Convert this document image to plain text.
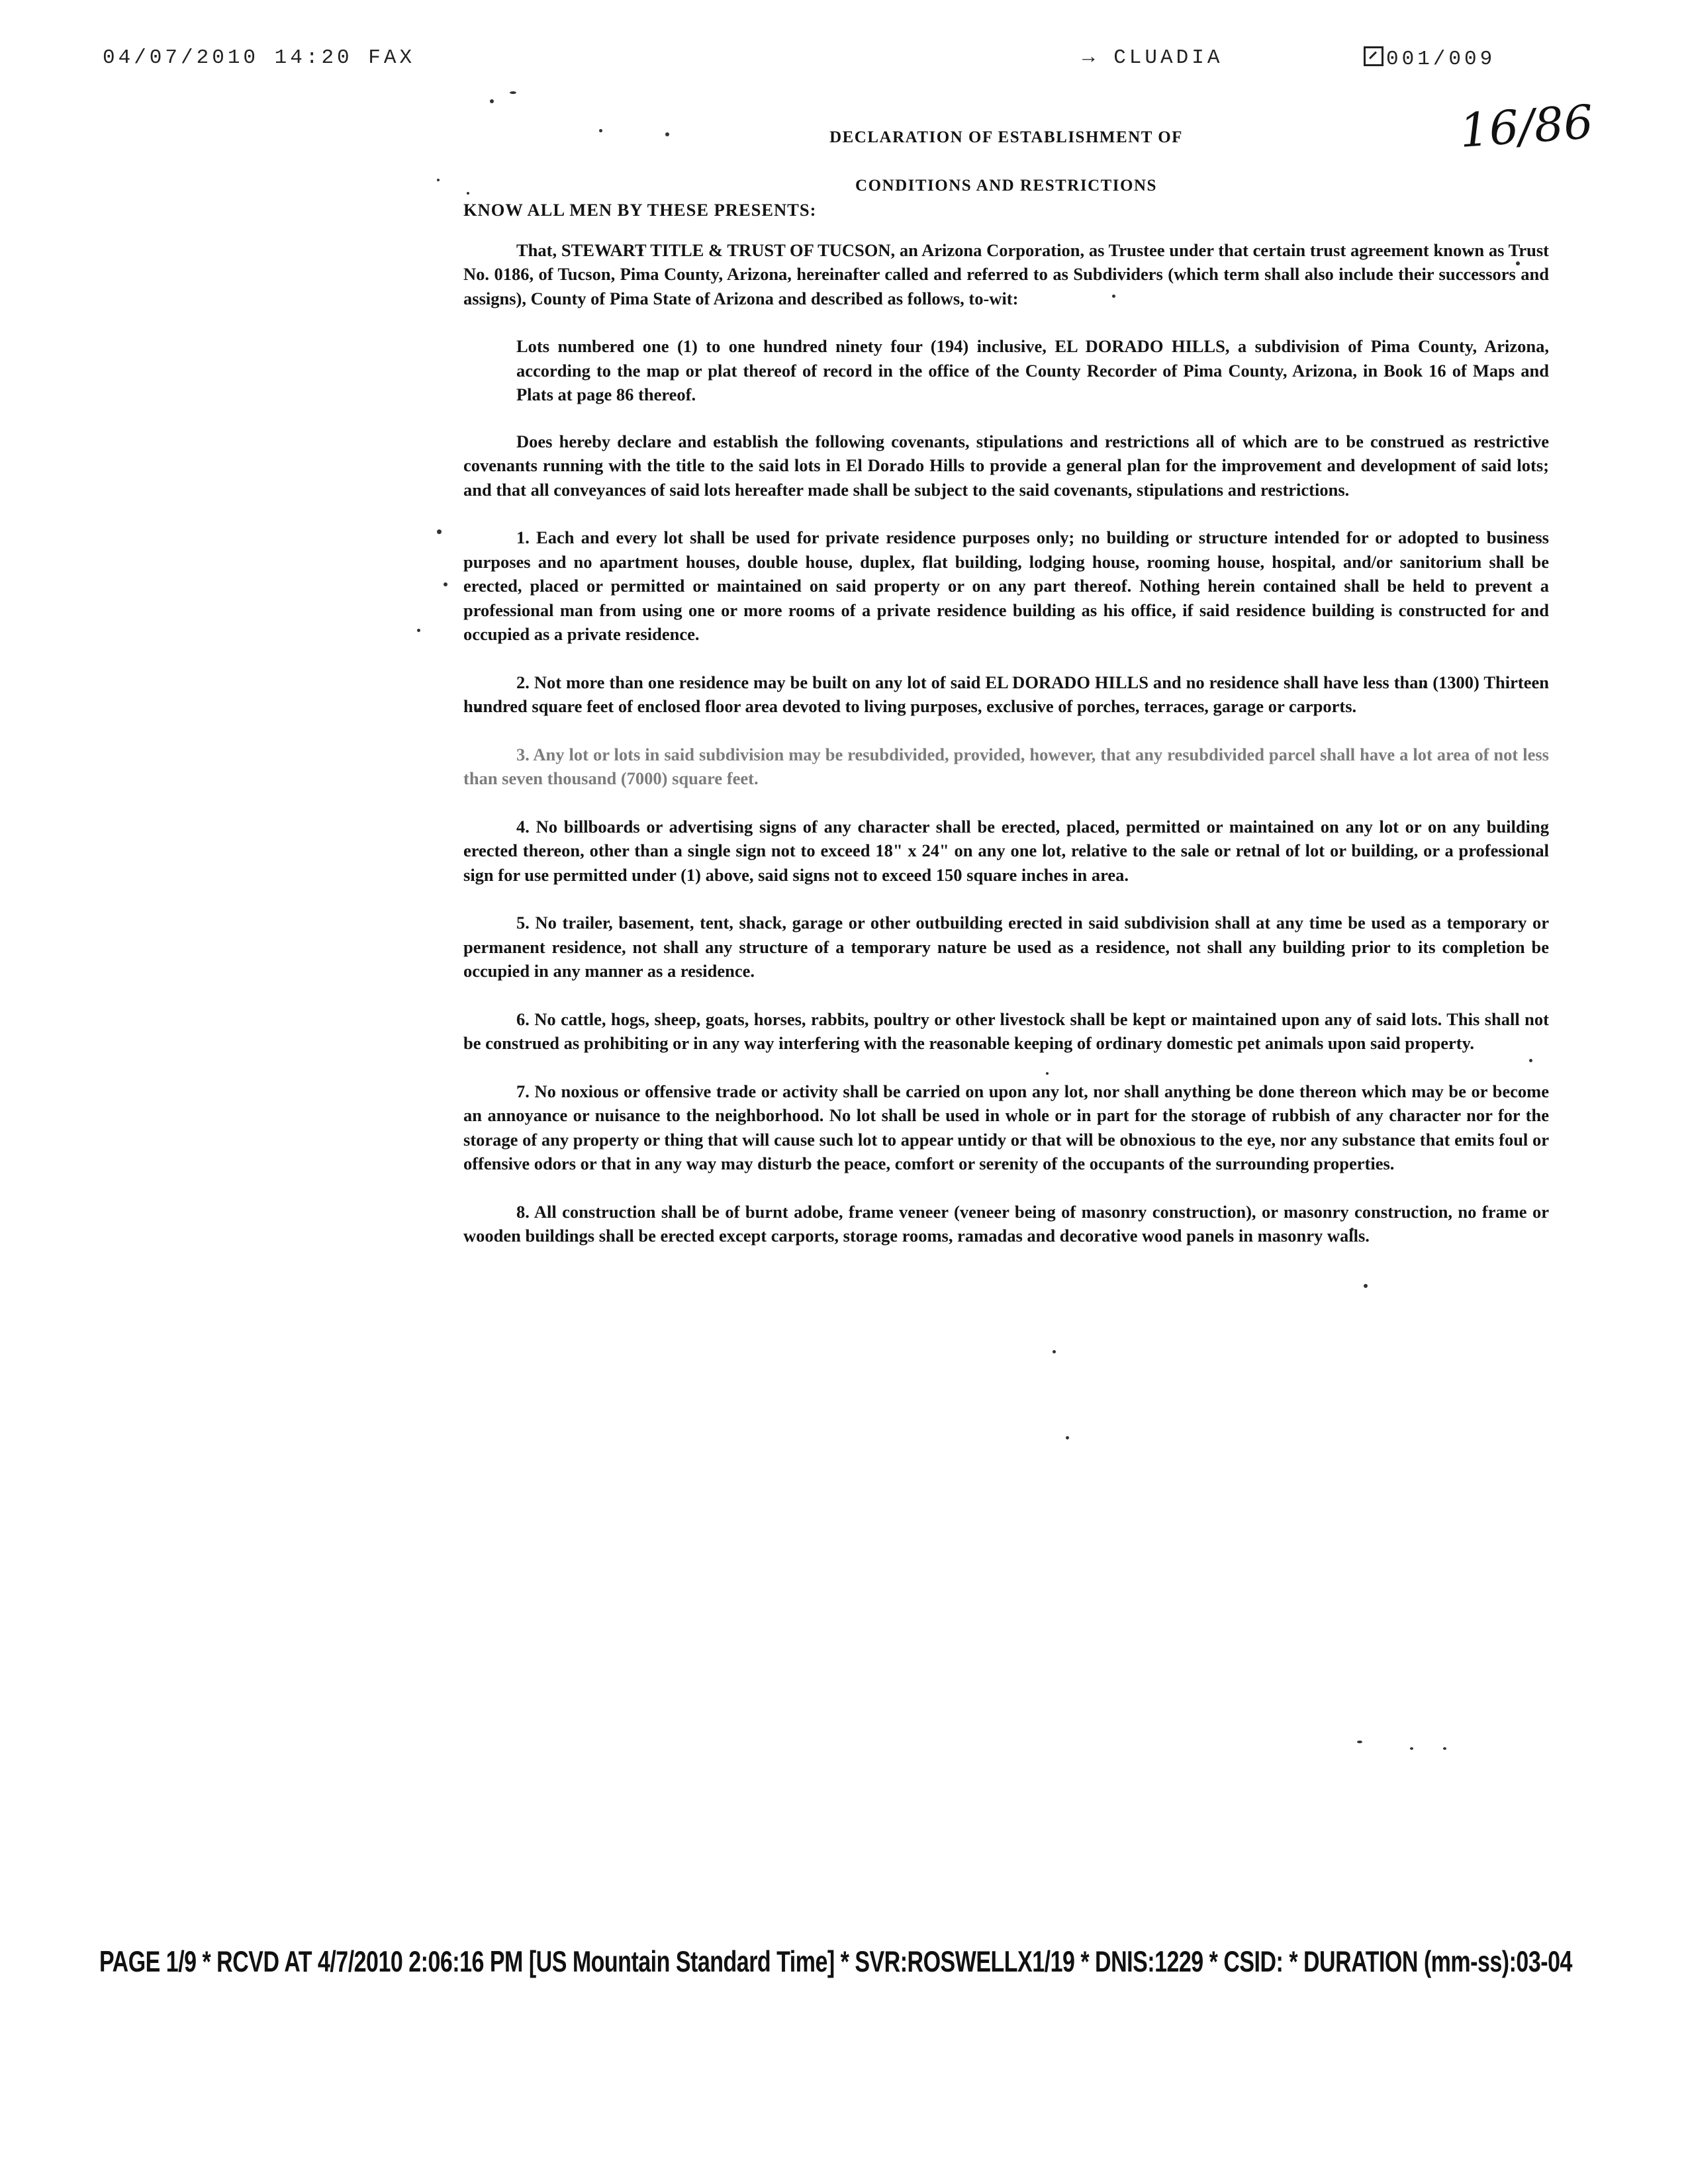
04/07/2010 14:20 FAX	→ CLUADIA	001/009
16/86

DECLARATION OF ESTABLISHMENT OF

CONDITIONS AND RESTRICTIONS

KNOW ALL MEN BY THESE PRESENTS:

That, STEWART TITLE & TRUST OF TUCSON, an Arizona Corporation, as Trustee under that certain trust agreement known as Trust No. 0186, of Tucson, Pima County, Arizona, hereinafter called and referred to as Subdividers (which term shall also include their successors and assigns), County of Pima State of Arizona and described as follows, to-wit:

Lots numbered one (1) to one hundred ninety four (194) inclusive, EL DORADO HILLS, a subdivision of Pima County, Arizona, according to the map or plat thereof of record in the office of the County Recorder of Pima County, Arizona, in Book 16 of Maps and Plats at page 86 thereof.

Does hereby declare and establish the following covenants, stipulations and restrictions all of which are to be construed as restrictive covenants running with the title to the said lots in El Dorado Hills to provide a general plan for the improvement and development of said lots; and that all conveyances of said lots hereafter made shall be subject to the said covenants, stipulations and restrictions.

1. Each and every lot shall be used for private residence purposes only; no building or structure intended for or adopted to business purposes and no apartment houses, double house, duplex, flat building, lodging house, rooming house, hospital, and/or sanitorium shall be erected, placed or permitted or maintained on said property or on any part thereof. Nothing herein contained shall be held to prevent a professional man from using one or more rooms of a private residence building as his office, if said residence building is constructed for and occupied as a private residence.

2. Not more than one residence may be built on any lot of said EL DORADO HILLS and no residence shall have less than (1300) Thirteen hundred square feet of enclosed floor area devoted to living purposes, exclusive of porches, terraces, garage or carports.

3. Any lot or lots in said subdivision may be resubdivided, provided, however, that any resubdivided parcel shall have a lot area of not less than seven thousand (7000) square feet.

4. No billboards or advertising signs of any character shall be erected, placed, permitted or maintained on any lot or on any building erected thereon, other than a single sign not to exceed 18" x 24" on any one lot, relative to the sale or retnal of lot or building, or a professional sign for use permitted under (1) above, said signs not to exceed 150 square inches in area.

5. No trailer, basement, tent, shack, garage or other outbuilding erected in said subdivision shall at any time be used as a temporary or permanent residence, not shall any structure of a temporary nature be used as a residence, not shall any building prior to its completion be occupied in any manner as a residence.

6. No cattle, hogs, sheep, goats, horses, rabbits, poultry or other livestock shall be kept or maintained upon any of said lots. This shall not be construed as prohibiting or in any way interfering with the reasonable keeping of ordinary domestic pet animals upon said property.

7. No noxious or offensive trade or activity shall be carried on upon any lot, nor shall anything be done thereon which may be or become an annoyance or nuisance to the neighborhood. No lot shall be used in whole or in part for the storage of rubbish of any character nor for the storage of any property or thing that will cause such lot to appear untidy or that will be obnoxious to the eye, nor any substance that emits foul or offensive odors or that in any way may disturb the peace, comfort or serenity of the occupants of the surrounding properties.

8. All construction shall be of burnt adobe, frame veneer (veneer being of masonry construction), or masonry construction, no frame or wooden buildings shall be erected except carports, storage rooms, ramadas and decorative wood panels in masonry walls.

PAGE 1/9 * RCVD AT 4/7/2010 2:06:16 PM [US Mountain Standard Time] * SVR:ROSWELLX1/19 * DNIS:1229 * CSID: * DURATION (mm-ss):03-04
